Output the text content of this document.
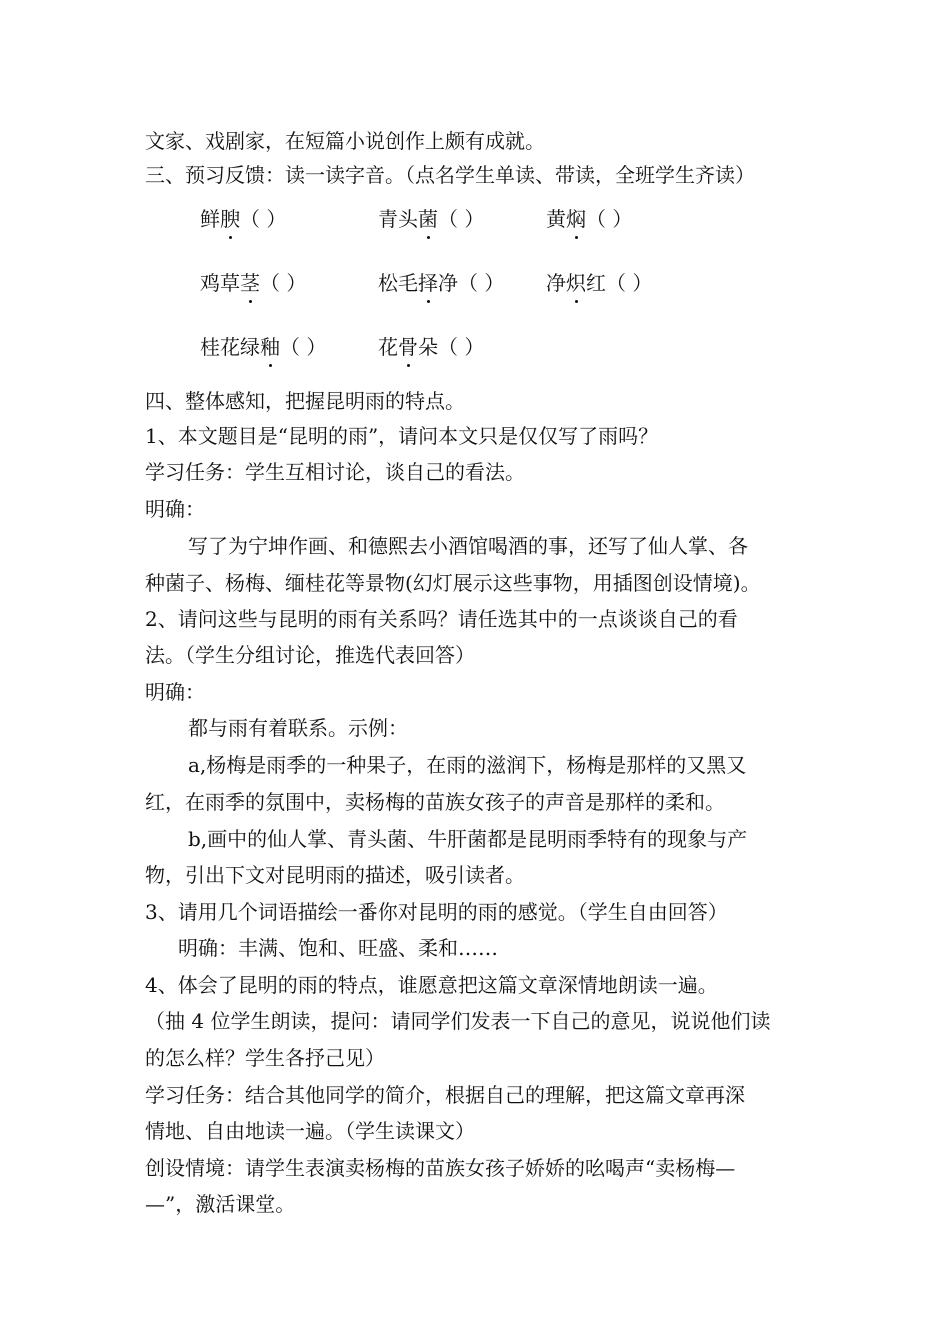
文家、戏剧家，在短篇小说创作上颇有成就。
三、预习反馈：读一读字音。（点名学生单读、带读，全班学生齐读）
鲜腴（ ）	青头菌（ ）	黄焖（ ）
鸡草茎（ ）	松毛择净（ ） 净炽红（ ）
桂花绿釉（ ）	花骨朵（ ）
四、整体感知，把握昆明雨的特点。
1、本文题目是“昆明的雨”，请问本文只是仅仅写了雨吗？
学习任务：学生互相讨论，谈自己的看法。
明确：
写了为宁坤作画、和德熙去小酒馆喝酒的事，还写了仙人掌、各
种菌子、杨梅、缅桂花等景物(幻灯展示这些事物，用插图创设情境)。
2、请问这些与昆明的雨有关系吗？请任选其中的一点谈谈自己的看
法。（学生分组讨论，推选代表回答）
明确：
都与雨有着联系。示例：
a,杨梅是雨季的一种果子，在雨的滋润下，杨梅是那样的又黑又
红，在雨季的氛围中，卖杨梅的苗族女孩子的声音是那样的柔和。
b,画中的仙人掌、青头菌、牛肝菌都是昆明雨季特有的现象与产
物，引出下文对昆明雨的描述，吸引读者。
3、请用几个词语描绘一番你对昆明的雨的感觉。（学生自由回答）
明确：丰满、饱和、旺盛、柔和……
4、体会了昆明的雨的特点，谁愿意把这篇文章深情地朗读一遍。
（抽 4 位学生朗读，提问：请同学们发表一下自己的意见，说说他们读
的怎么样？学生各抒己见）
学习任务：结合其他同学的简介，根据自己的理解，把这篇文章再深
情地、自由地读一遍。（学生读课文）
创设情境：请学生表演卖杨梅的苗族女孩子娇娇的吆喝声“卖杨梅—
—”，激活课堂。
